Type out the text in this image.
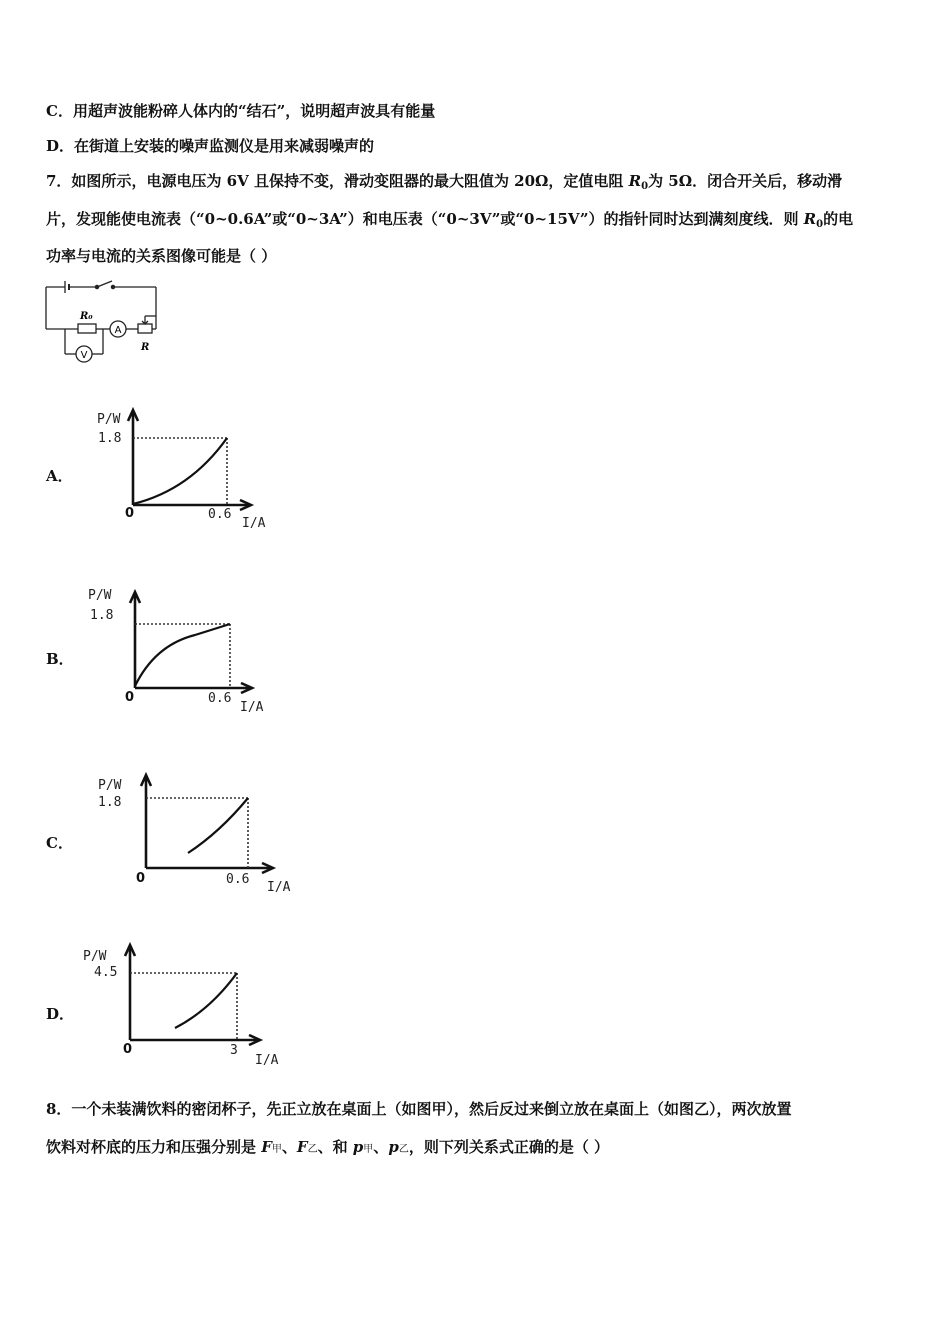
C．用超声波能粉碎人体内的“结石”，说明超声波具有能量
D．在街道上安装的噪声监测仪是用来减弱噪声的
7．如图所示，电源电压为 6V 且保持不变，滑动变阻器的最大阻值为 20Ω，定值电阻 $R_0$为 5Ω．闭合开关后，移动滑
片，发现能使电流表（“0~0.6A”或“0~3A”）和电压表（“0~3V”或“0~15V”）的指针同时达到满刻度线．则 $R_0$的电
功率与电流的关系图像可能是（ ）
A
V
R₀
R
A．
P/W
1.8
0	0.6
I/A
B．
P/W
1.8
0	0.6
I/A
C．
P/W
1.8
0	0.6
I/A
D．
P/W
4.5
0	3
I/A
8．一个未装满饮料的密闭杯子，先正立放在桌面上（如图甲），然后反过来倒立放在桌面上（如图乙），两次放置
饮料对杯底的压力和压强分别是 F甲、F乙、和 p甲、p乙，则下列关系式正确的是（ ）
